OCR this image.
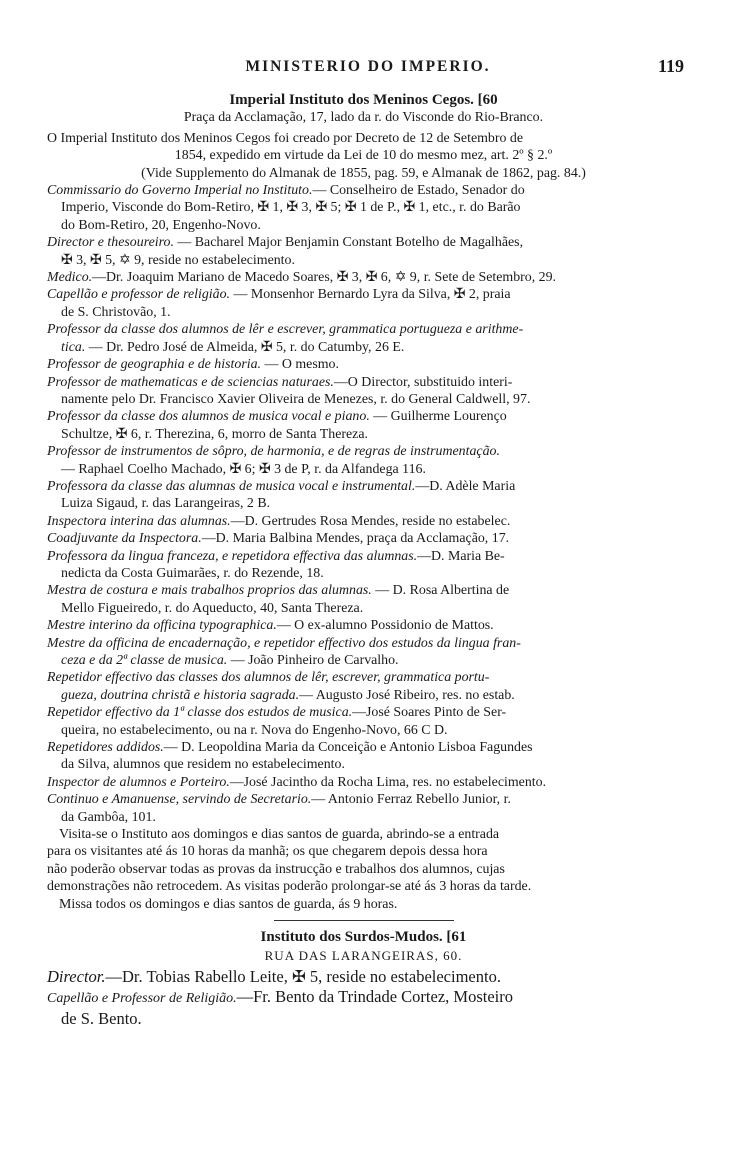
MINISTERIO DO IMPERIO.	119
Imperial Instituto dos Meninos Cegos. [60
Praça da Acclamação, 17, lado da r. do Visconde do Rio-Branco.
O Imperial Instituto dos Meninos Cegos foi creado por Decreto de 12 de Setembro de
1854, expedido em virtude da Lei de 10 do mesmo mez, art. 2º § 2.º
(Vide Supplemento do Almanak de 1855, pag. 59, e Almanak de 1862, pag. 84.)
Commissario do Governo Imperial no Instituto.— Conselheiro de Estado, Senador do
Imperio, Visconde do Bom-Retiro, ✠ 1, ✠ 3, ✠ 5; ✠ 1 de P., ✠ 1, etc., r. do Barão
do Bom-Retiro, 20, Engenho-Novo.
Director e thesoureiro. — Bacharel Major Benjamin Constant Botelho de Magalhães,
✠ 3, ✠ 5, ✡ 9, reside no estabelecimento.
Medico.—Dr. Joaquim Mariano de Macedo Soares, ✠ 3, ✠ 6, ✡ 9, r. Sete de Setembro, 29.
Capellão e professor de religião. — Monsenhor Bernardo Lyra da Silva, ✠ 2, praia
de S. Christovão, 1.
Professor da classe dos alumnos de lêr e escrever, grammatica portugueza e arithme-
tica. — Dr. Pedro José de Almeida, ✠ 5, r. do Catumby, 26 E.
Professor de geographia e de historia. — O mesmo.
Professor de mathematicas e de sciencias naturaes.—O Director, substituido interi-
namente pelo Dr. Francisco Xavier Oliveira de Menezes, r. do General Caldwell, 97.
Professor da classe dos alumnos de musica vocal e piano. — Guilherme Lourenço
Schultze, ✠ 6, r. Therezina, 6, morro de Santa Thereza.
Professor de instrumentos de sôpro, de harmonia, e de regras de instrumentação.
— Raphael Coelho Machado, ✠ 6; ✠ 3 de P, r. da Alfandega 116.
Professora da classe das alumnas de musica vocal e instrumental.—D. Adèle Maria
Luiza Sigaud, r. das Larangeiras, 2 B.
Inspectora interina das alumnas.—D. Gertrudes Rosa Mendes, reside no estabelec.
Coadjuvante da Inspectora.—D. Maria Balbina Mendes, praça da Acclamação, 17.
Professora da lingua franceza, e repetidora effectiva das alumnas.—D. Maria Be-
nedicta da Costa Guimarães, r. do Rezende, 18.
Mestra de costura e mais trabalhos proprios das alumnas. — D. Rosa Albertina de
Mello Figueiredo, r. do Aqueducto, 40, Santa Thereza.
Mestre interino da officina typographica.— O ex-alumno Possidonio de Mattos.
Mestre da officina de encadernação, e repetidor effectivo dos estudos da lingua fran-
ceza e da 2ª classe de musica. — João Pinheiro de Carvalho.
Repetidor effectivo das classes dos alumnos de lêr, escrever, grammatica portu-
gueza, doutrina christã e historia sagrada.— Augusto José Ribeiro, res. no estab.
Repetidor effectivo da 1ª classe dos estudos de musica.—José Soares Pinto de Ser-
queira, no estabelecimento, ou na r. Nova do Engenho-Novo, 66 C D.
Repetidores addidos.— D. Leopoldina Maria da Conceição e Antonio Lisboa Fagundes
da Silva, alumnos que residem no estabelecimento.
Inspector de alumnos e Porteiro.—José Jacintho da Rocha Lima, res. no estabelecimento.
Continuo e Amanuense, servindo de Secretario.— Antonio Ferraz Rebello Junior, r.
da Gambôa, 101.
Visita-se o Instituto aos domingos e dias santos de guarda, abrindo-se a entrada
para os visitantes até ás 10 horas da manhã; os que chegarem depois dessa hora
não poderão observar todas as provas da instrucção e trabalhos dos alumnos, cujas
demonstrações não retrocedem. As visitas poderão prolongar-se até ás 3 horas da tarde.
Missa todos os domingos e dias santos de guarda, ás 9 horas.
Instituto dos Surdos-Mudos. [61
RUA DAS LARANGEIRAS, 60.
Director.—Dr. Tobias Rabello Leite, ✠ 5, reside no estabelecimento.
Capellão e Professor de Religião.—Fr. Bento da Trindade Cortez, Mosteiro
de S. Bento.
